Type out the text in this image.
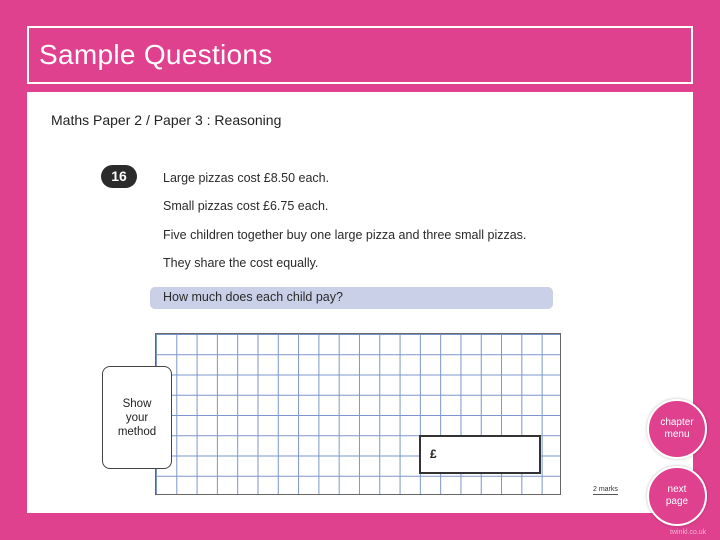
Sample Questions
Maths Paper 2 / Paper 3 : Reasoning
16	Large pizzas cost £8.50 each.
Small pizzas cost £6.75 each.
Five children together buy one large pizza and three small pizzas.
They share the cost equally.
How much does each child pay?
Show
your
method
£
2 marks
chapter menu
next page
twinkl.co.uk
